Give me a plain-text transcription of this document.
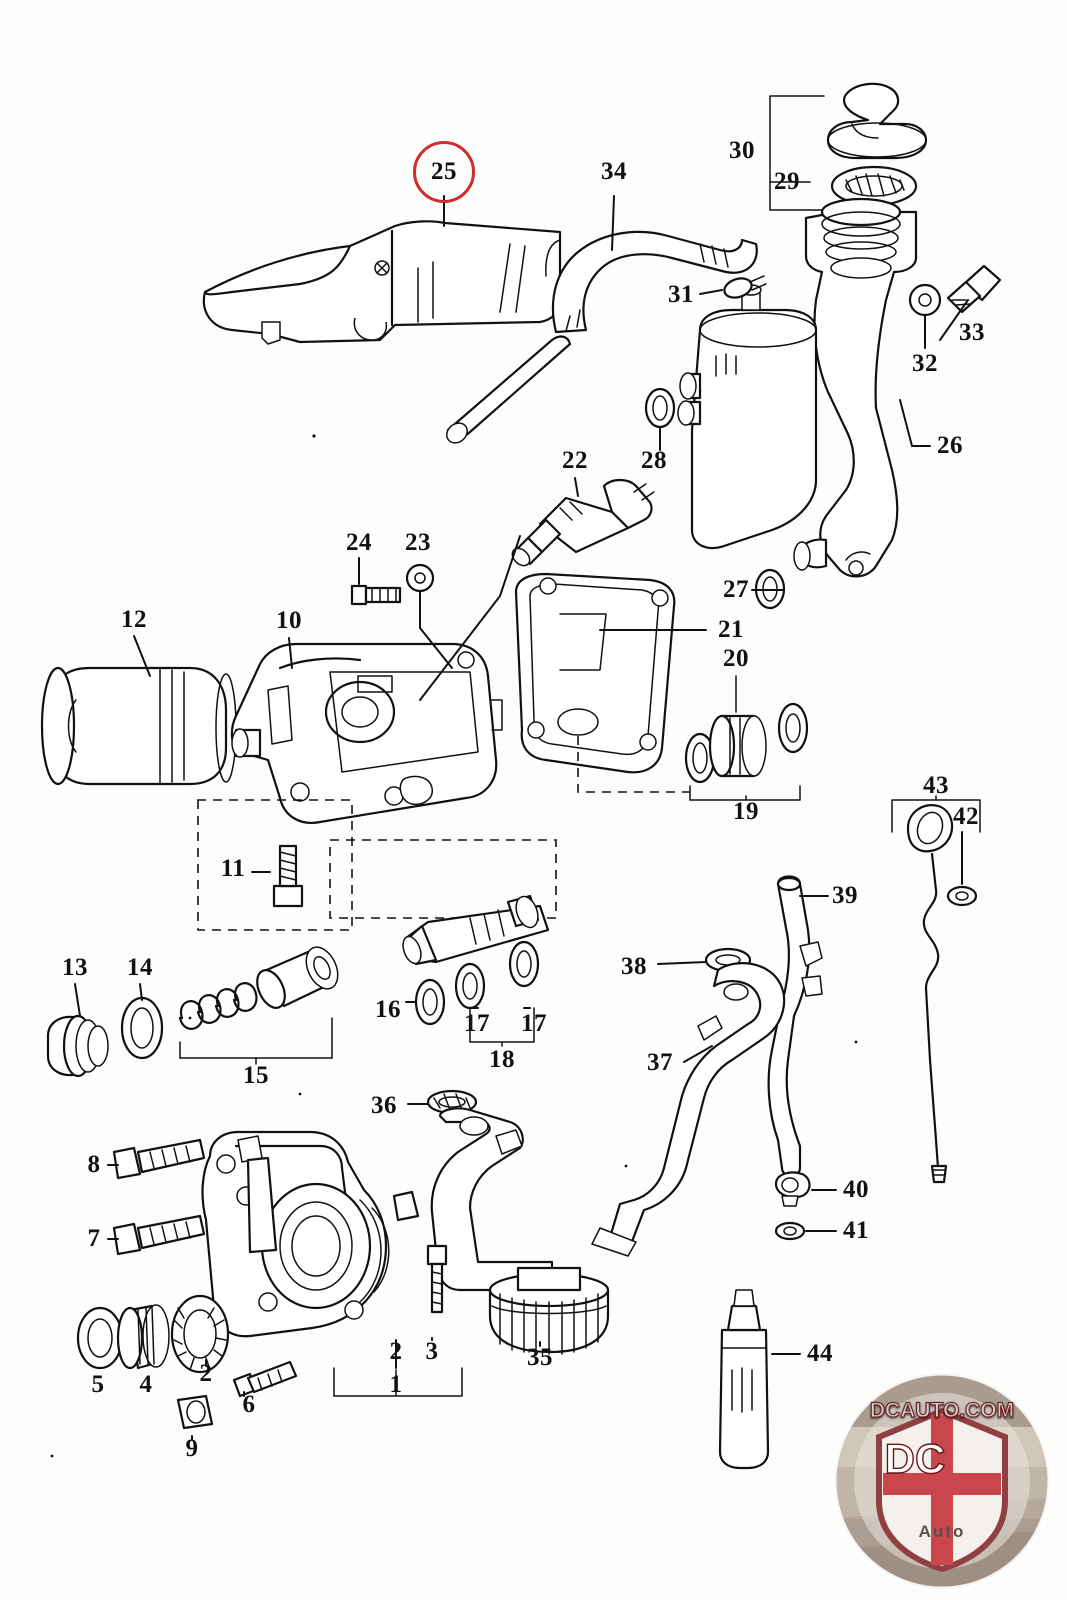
25	34
30
29
31
33
32
26
28
22
27
24 23
12	10	21
20
19
11
43
42
39
38
13 14
16
17 17
18	37
15
36
8
40
41
7
44
35
2 3
5 4 2	1
6
9
DCAUTO.COM
DC
Auto
